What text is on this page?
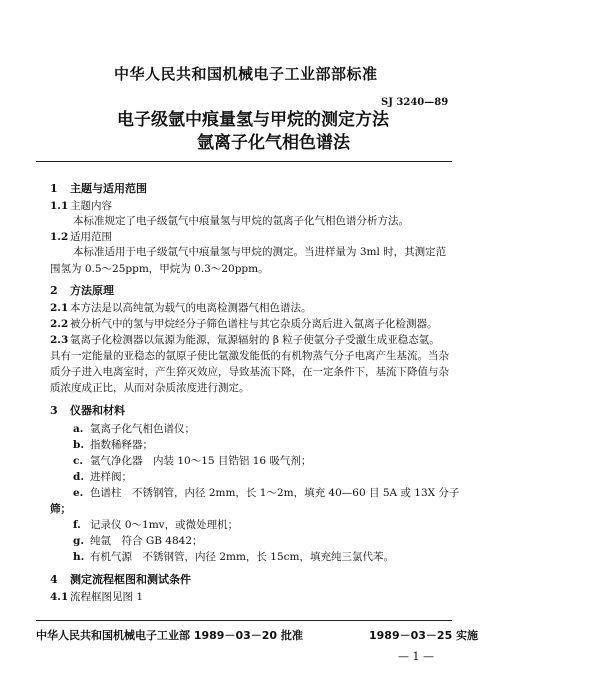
中华人民共和国机械电子工业部部标准
电子级氩中痕量氢与甲烷的测定方法
SJ 3240—89
氩离子化气相色谱法
1 主题与适用范围
1.1 主题内容
本标准规定了电子级氩气中痕量氢与甲烷的氩离子化气相色谱分析方法。
1.2 适用范围
本标准适用于电子级氩气中痕量氢与甲烷的测定。当进样量为 3ml 时，其测定范
围氢为 0.5～25ppm，甲烷为 0.3～20ppm。
2 方法原理
2.1 本方法是以高纯氩为载气的电离检测器气相色谱法。
2.2 被分析气中的氢与甲烷经分子筛色谱柱与其它杂质分离后进入氩离子化检测器。
2.3 氩离子化检测器以氚源为能源，氚源辐射的 β 粒子使氩分子受激生成亚稳态氩。
具有一定能量的亚稳态的氩原子使比氩激发能低的有机物蒸气分子电离产生基流。当杂
质分子进入电离室时，产生猝灭效应，导致基流下降，在一定条件下，基流下降值与杂
质浓度成正比，从而对杂质浓度进行测定。
3 仪器和材料
a. 氩离子化气相色谱仪；
b. 指数稀释器；
c. 氩气净化器　内装 10～15 目锆铝 16 吸气剂；
d. 进样阀；
e. 色谱柱　不锈钢管，内径 2mm，长 1～2m，填充 40—60 目 5A 或 13X 分子
筛；
f. 记录仪 0～1mv，或微处理机；
g. 纯氩　符合 GB 4842；
h. 有机气源　不锈钢管，内径 2mm，长 15cm，填充纯三氯代苯。
4 测定流程框图和测试条件
4.1 流程框图见图 1
中华人民共和国机械电子工业部 1989－03－20 批准	1989－03－25 实施
— 1 —
